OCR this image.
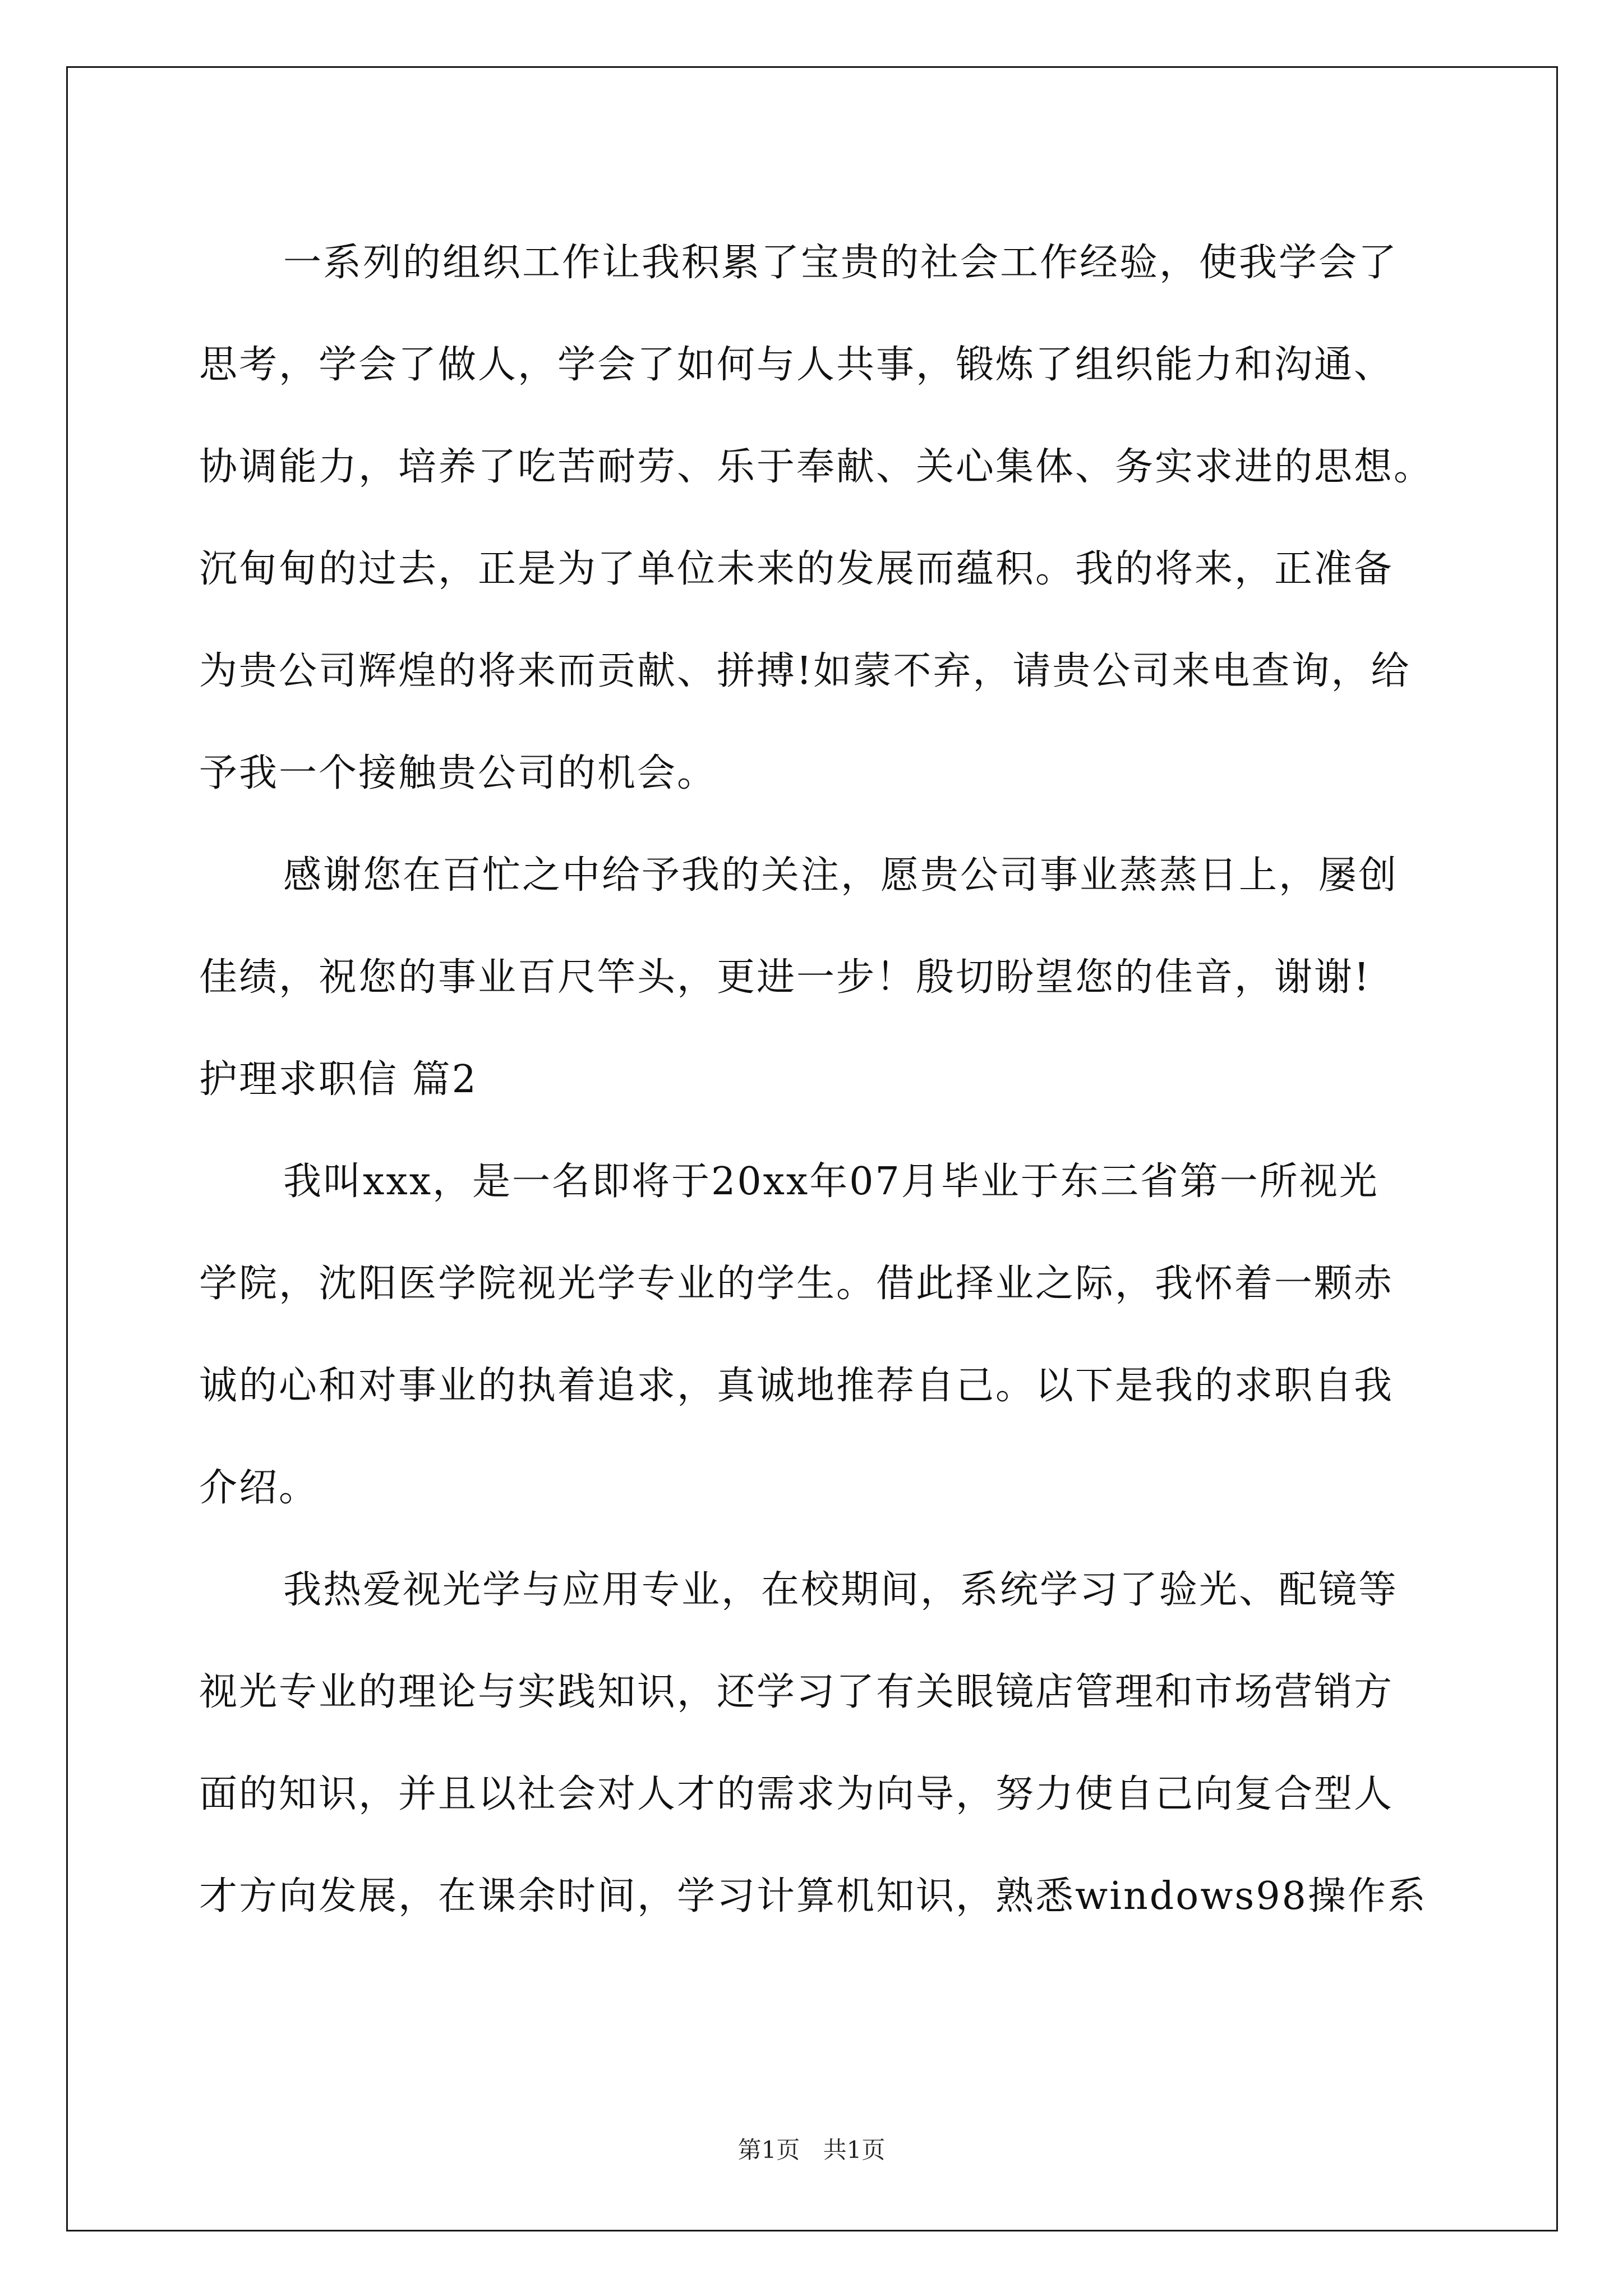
一系列的组织工作让我积累了宝贵的社会工作经验，使我学会了
思考，学会了做人，学会了如何与人共事，锻炼了组织能力和沟通、
协调能力，培养了吃苦耐劳、乐于奉献、关心集体、务实求进的思想。
沉甸甸的过去，正是为了单位未来的发展而蕴积。我的将来，正准备
为贵公司辉煌的将来而贡献、拼搏!如蒙不弃，请贵公司来电查询，给
予我一个接触贵公司的机会。
感谢您在百忙之中给予我的关注，愿贵公司事业蒸蒸日上，屡创
佳绩，祝您的事业百尺竿头，更进一步！殷切盼望您的佳音，谢谢!
护理求职信 篇2
我叫xxx，是一名即将于20xx年07月毕业于东三省第一所视光
学院，沈阳医学院视光学专业的学生。借此择业之际，我怀着一颗赤
诚的心和对事业的执着追求，真诚地推荐自己。以下是我的求职自我
介绍。
我热爱视光学与应用专业，在校期间，系统学习了验光、配镜等
视光专业的理论与实践知识，还学习了有关眼镜店管理和市场营销方
面的知识，并且以社会对人才的需求为向导，努力使自己向复合型人
才方向发展，在课余时间，学习计算机知识，熟悉windows98操作系
第1页 共1页
